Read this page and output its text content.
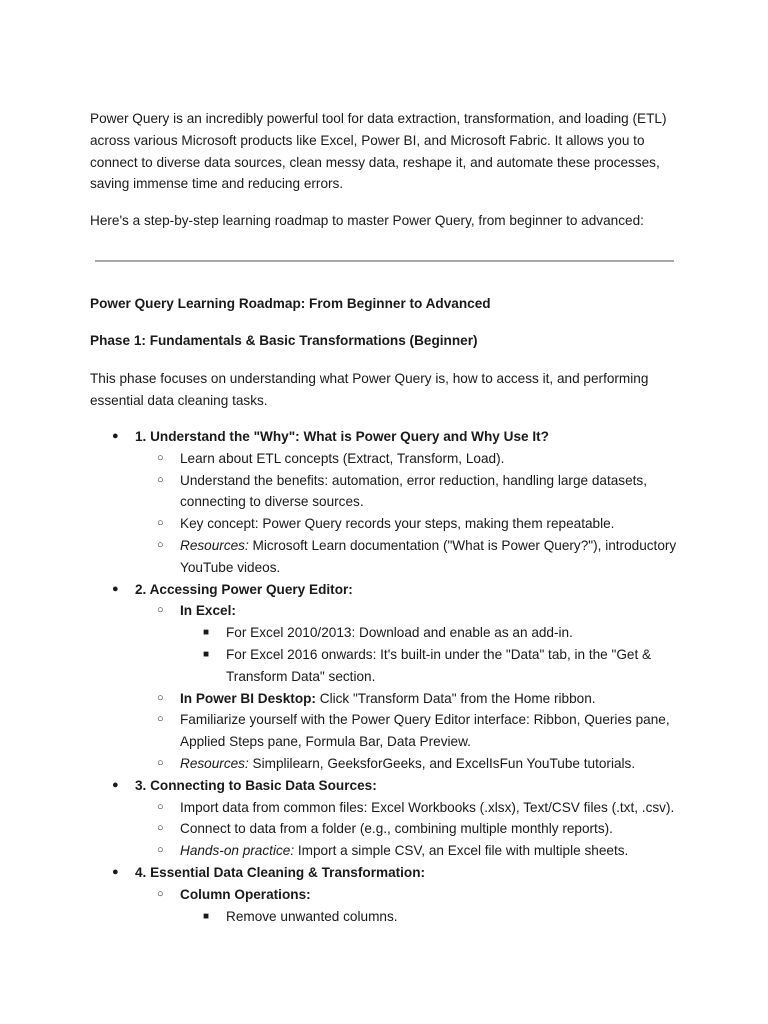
Power Query is an incredibly powerful tool for data extraction, transformation, and loading (ETL) across various Microsoft products like Excel, Power BI, and Microsoft Fabric. It allows you to connect to diverse data sources, clean messy data, reshape it, and automate these processes, saving immense time and reducing errors.

Here's a step-by-step learning roadmap to master Power Query, from beginner to advanced:

Power Query Learning Roadmap: From Beginner to Advanced

Phase 1: Fundamentals & Basic Transformations (Beginner)

This phase focuses on understanding what Power Query is, how to access it, and performing essential data cleaning tasks.

● 1. Understand the "Why": What is Power Query and Why Use It?
○ Learn about ETL concepts (Extract, Transform, Load).
○ Understand the benefits: automation, error reduction, handling large datasets, connecting to diverse sources.
○ Key concept: Power Query records your steps, making them repeatable.
○ Resources: Microsoft Learn documentation ("What is Power Query?"), introductory YouTube videos.
● 2. Accessing Power Query Editor:
○ In Excel:
■ For Excel 2010/2013: Download and enable as an add-in.
■ For Excel 2016 onwards: It's built-in under the "Data" tab, in the "Get & Transform Data" section.
○ In Power BI Desktop: Click "Transform Data" from the Home ribbon.
○ Familiarize yourself with the Power Query Editor interface: Ribbon, Queries pane, Applied Steps pane, Formula Bar, Data Preview.
○ Resources: Simplilearn, GeeksforGeeks, and ExcelIsFun YouTube tutorials.
● 3. Connecting to Basic Data Sources:
○ Import data from common files: Excel Workbooks (.xlsx), Text/CSV files (.txt, .csv).
○ Connect to data from a folder (e.g., combining multiple monthly reports).
○ Hands-on practice: Import a simple CSV, an Excel file with multiple sheets.
● 4. Essential Data Cleaning & Transformation:
○ Column Operations:
■ Remove unwanted columns.
